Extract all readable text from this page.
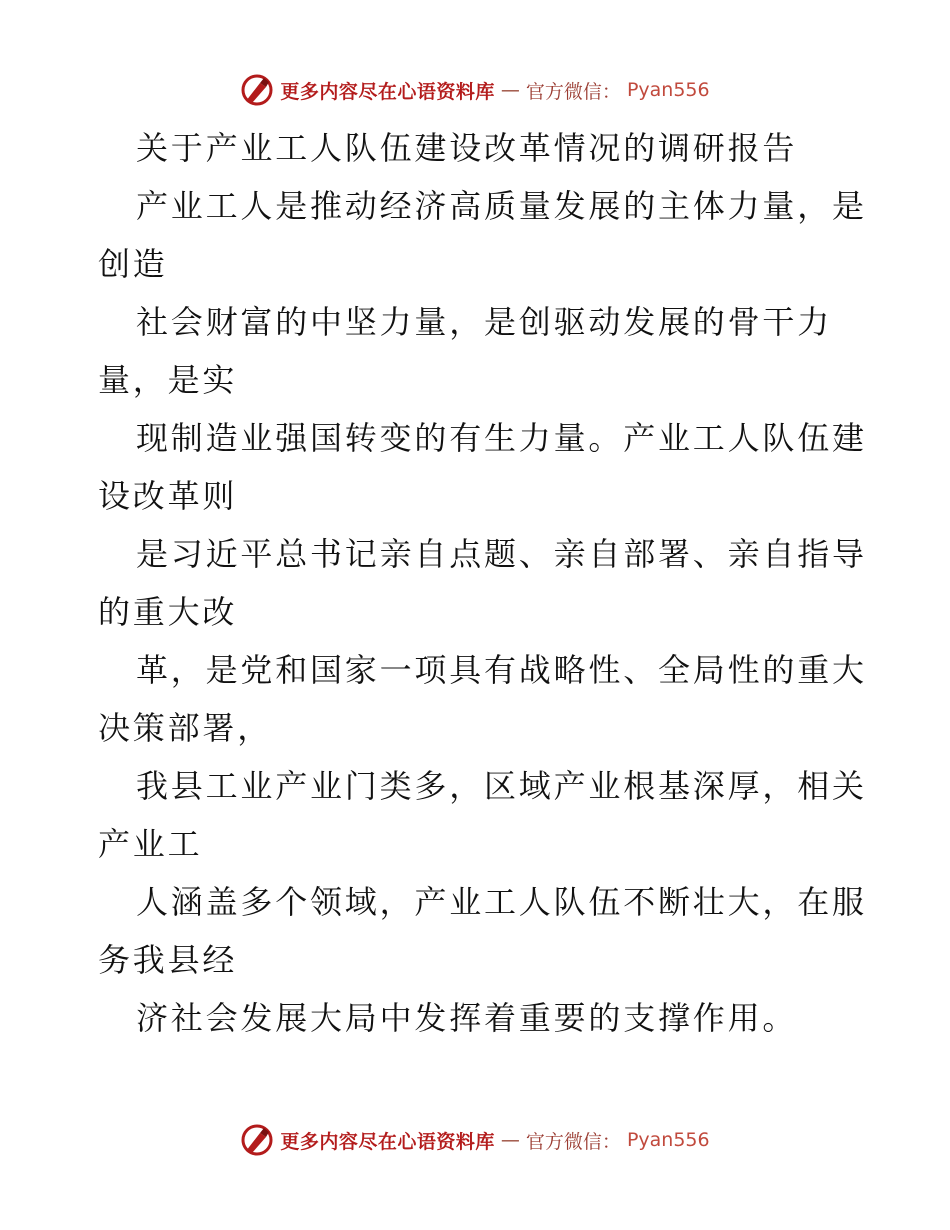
更多内容尽在心语资料库 — 官方微信： Pyan556
关于产业工人队伍建设改革情况的调研报告
产业工人是推动经济高质量发展的主体力量，是
创造
社会财富的中坚力量，是创驱动发展的骨干力
量，是实
现制造业强国转变的有生力量。产业工人队伍建
设改革则
是习近平总书记亲自点题、亲自部署、亲自指导
的重大改
革，是党和国家一项具有战略性、全局性的重大
决策部署，
我县工业产业门类多，区域产业根基深厚，相关
产业工
人涵盖多个领域，产业工人队伍不断壮大，在服
务我县经
济社会发展大局中发挥着重要的支撑作用。
更多内容尽在心语资料库 — 官方微信： Pyan556
